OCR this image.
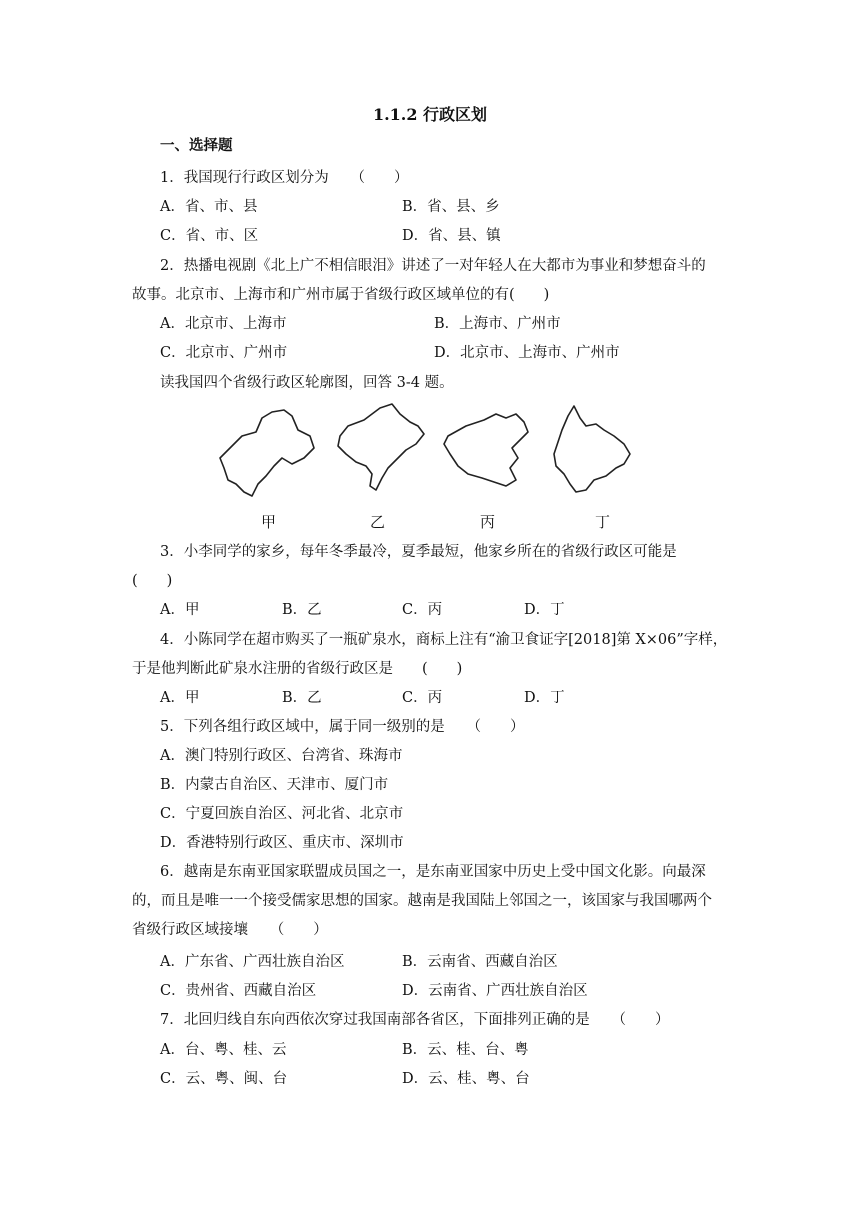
1.1.2 行政区划
一、选择题
1．我国现行行政区划分为　　（　　）
A．省、市、县	B．省、县、乡
C．省、市、区	D．省、县、镇
2．热播电视剧《北上广不相信眼泪》讲述了一对年轻人在大都市为事业和梦想奋斗的
故事。北京市、上海市和广州市属于省级行政区域单位的有(　　)
A．北京市、上海市	B．上海市、广州市
C．北京市、广州市	D．北京市、上海市、广州市
读我国四个省级行政区轮廓图，回答 3-4 题。
甲	乙	丙	丁
3．小李同学的家乡，每年冬季最冷，夏季最短，他家乡所在的省级行政区可能是
(　　)
A．甲	B．乙	C．丙	D．丁
4．小陈同学在超市购买了一瓶矿泉水，商标上注有“渝卫食证字[2018]第 X×06”字样，
于是他判断此矿泉水注册的省级行政区是　　(　　)
A．甲	B．乙	C．丙	D．丁
5．下列各组行政区域中，属于同一级别的是　　（　　）
A．澳门特别行政区、台湾省、珠海市
B．内蒙古自治区、天津市、厦门市
C．宁夏回族自治区、河北省、北京市
D．香港特别行政区、重庆市、深圳市
6．越南是东南亚国家联盟成员国之一，是东南亚国家中历史上受中国文化影。向最深
的，而且是唯一一个接受儒家思想的国家。越南是我国陆上邻国之一，该国家与我国哪两个
省级行政区域接壤　　（　　）
A．广东省、广西壮族自治区	B．云南省、西藏自治区
C．贵州省、西藏自治区	D．云南省、广西壮族自治区
7．北回归线自东向西依次穿过我国南部各省区，下面排列正确的是　　（　　）
A．台、粤、桂、云	B．云、桂、台、粤
C．云、粤、闽、台	D．云、桂、粤、台
